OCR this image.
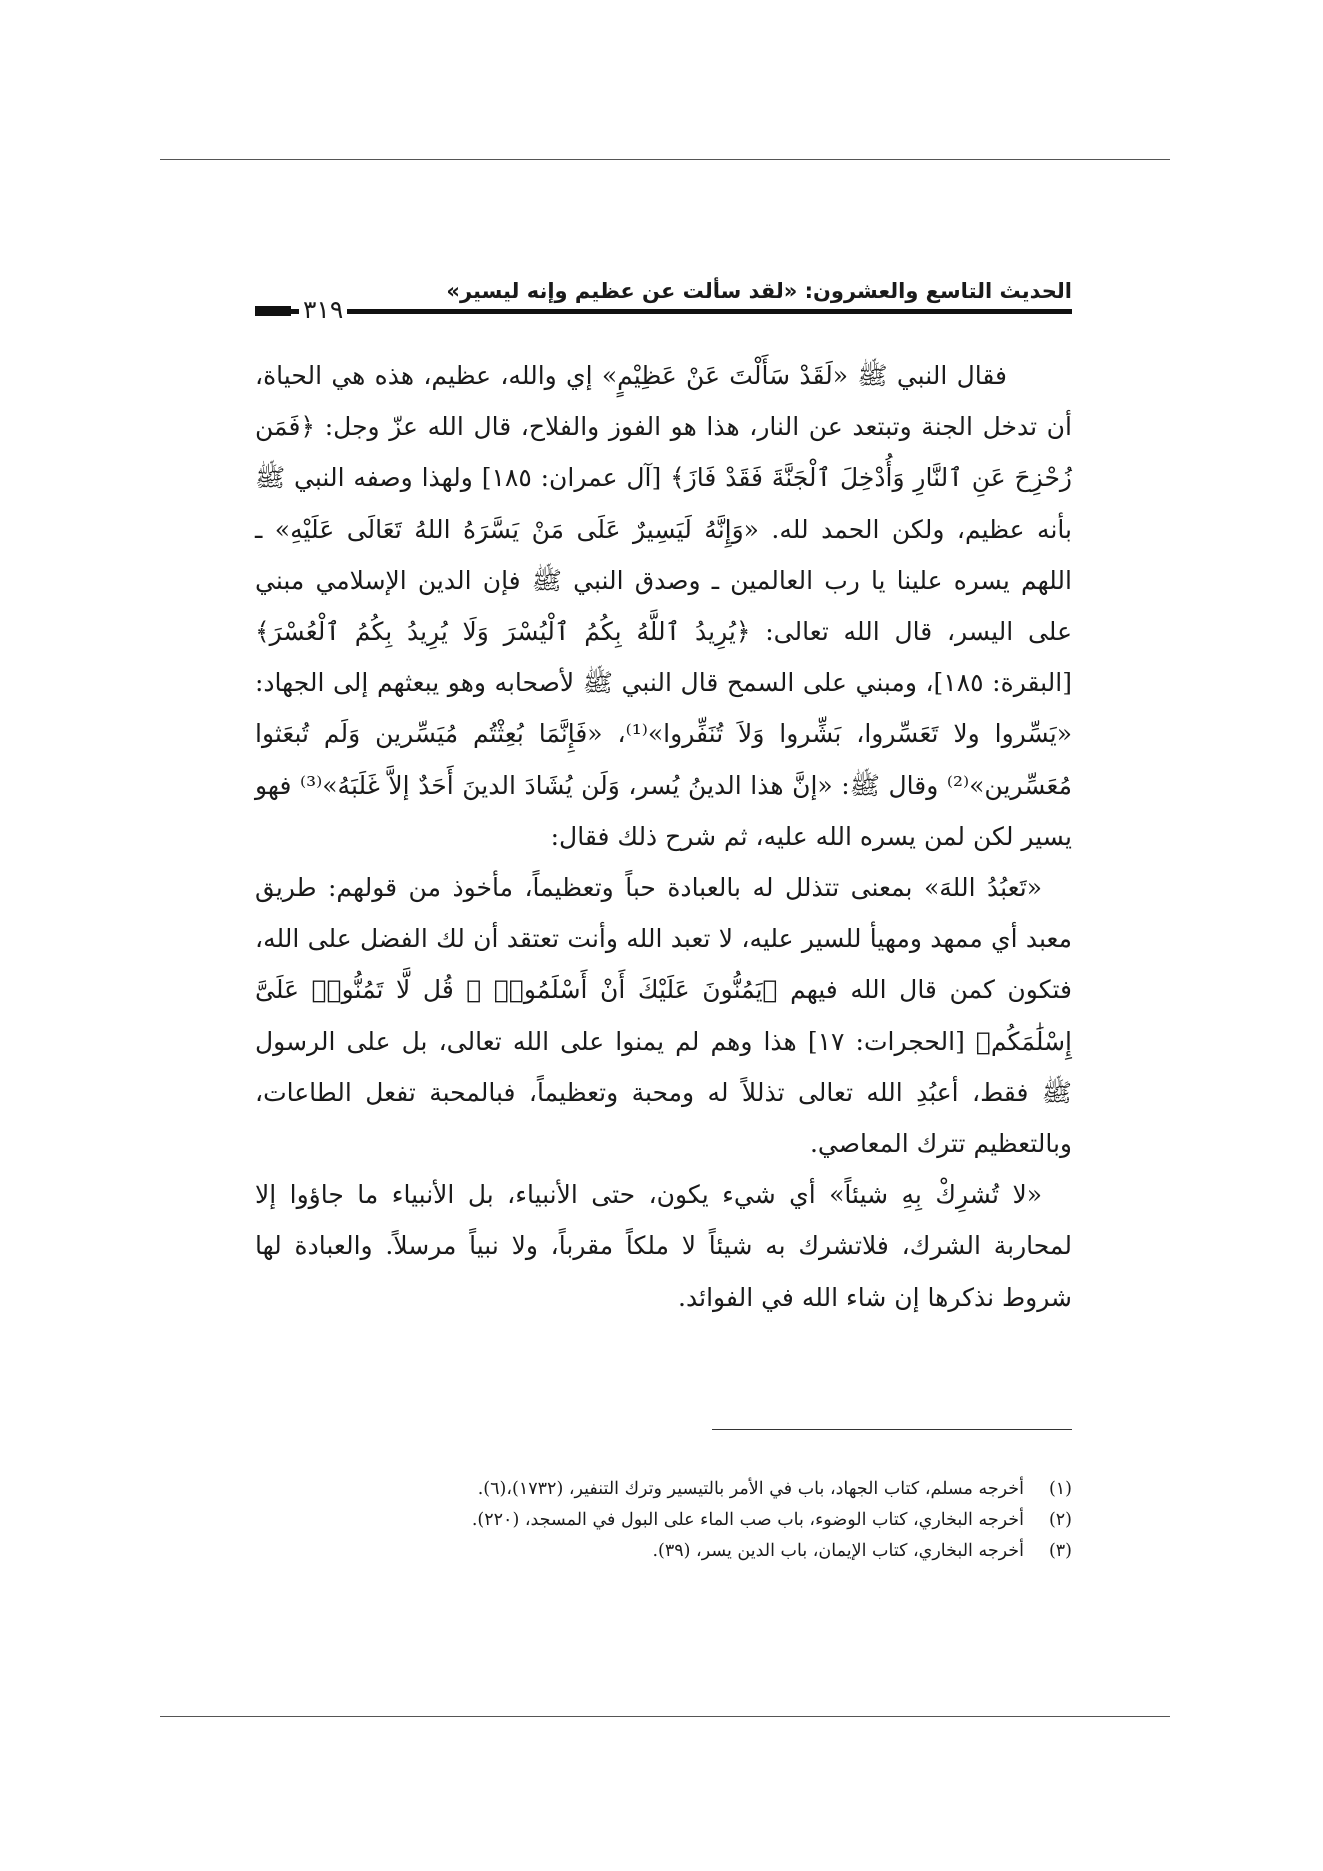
الحديث التاسع والعشرون: «لقد سألت عن عظيم وإنه ليسير»
٣١٩

فقال النبي ﷺ «لَقَدْ سَأَلْتَ عَنْ عَظِيْمٍ» إي والله، عظيم، هذه هي الحياة، أن تدخل الجنة وتبتعد عن النار، هذا هو الفوز والفلاح، قال الله عزّ وجل: ﴿فَمَن زُحْزِحَ عَنِ ٱلنَّارِ وَأُدْخِلَ ٱلْجَنَّةَ فَقَدْ فَازَ﴾ [آل عمران: ١٨٥] ولهذا وصفه النبي ﷺ بأنه عظيم، ولكن الحمد لله. «وَإِنَّهُ لَيَسِيرٌ عَلَى مَنْ يَسَّرَهُ اللهُ تَعَالَى عَلَيْهِ» ـ اللهم يسره علينا يا رب العالمين ـ وصدق النبي ﷺ فإن الدين الإسلامي مبني على اليسر، قال الله تعالى: ﴿يُرِيدُ ٱللَّهُ بِكُمُ ٱلْيُسْرَ وَلَا يُرِيدُ بِكُمُ ٱلْعُسْرَ﴾ [البقرة: ١٨٥]، ومبني على السمح قال النبي ﷺ لأصحابه وهو يبعثهم إلى الجهاد: «يَسِّروا ولا تَعَسِّروا، بَشِّروا وَلاَ تُنَفِّروا»⁽¹⁾، «فَإِنَّمَا بُعِثْتُم مُيَسِّرين وَلَم تُبعَثوا مُعَسِّرين»⁽²⁾ وقال ﷺ: «إنَّ هذا الدينُ يُسر، وَلَن يُشَادَ الدينَ أَحَدٌ إلاَّ غَلَبَهُ»⁽³⁾ فهو يسير لكن لمن يسره الله عليه، ثم شرح ذلك فقال:

«تَعبُدُ اللهَ» بمعنى تتذلل له بالعبادة حباً وتعظيماً، مأخوذ من قولهم: طريق معبد أي ممهد ومهيأ للسير عليه، لا تعبد الله وأنت تعتقد أن لك الفضل على الله، فتكون كمن قال الله فيهم ﴿يَمُنُّونَ عَلَيْكَ أَنْ أَسْلَمُوا۟ ۖ قُل لَّا تَمُنُّوا۟ عَلَىَّ إِسْلَٰمَكُم﴾ [الحجرات: ١٧] هذا وهم لم يمنوا على الله تعالى، بل على الرسول ﷺ فقط، أعبُدِ الله تعالى تذللاً له ومحبة وتعظيماً، فبالمحبة تفعل الطاعات، وبالتعظيم تترك المعاصي.

«لا تُشرِكْ بِهِ شيئاً» أي شيء يكون، حتى الأنبياء، بل الأنبياء ما جاؤوا إلا لمحاربة الشرك، فلاتشرك به شيئاً لا ملكاً مقرباً، ولا نبياً مرسلاً. والعبادة لها شروط نذكرها إن شاء الله في الفوائد.

(١)
أخرجه مسلم، كتاب الجهاد، باب في الأمر بالتيسير وترك التنفير، (١٧٣٢)،(٦).
(٢)
أخرجه البخاري، كتاب الوضوء، باب صب الماء على البول في المسجد، (٢٢٠).
(٣)
أخرجه البخاري، كتاب الإيمان، باب الدين يسر، (٣٩).
